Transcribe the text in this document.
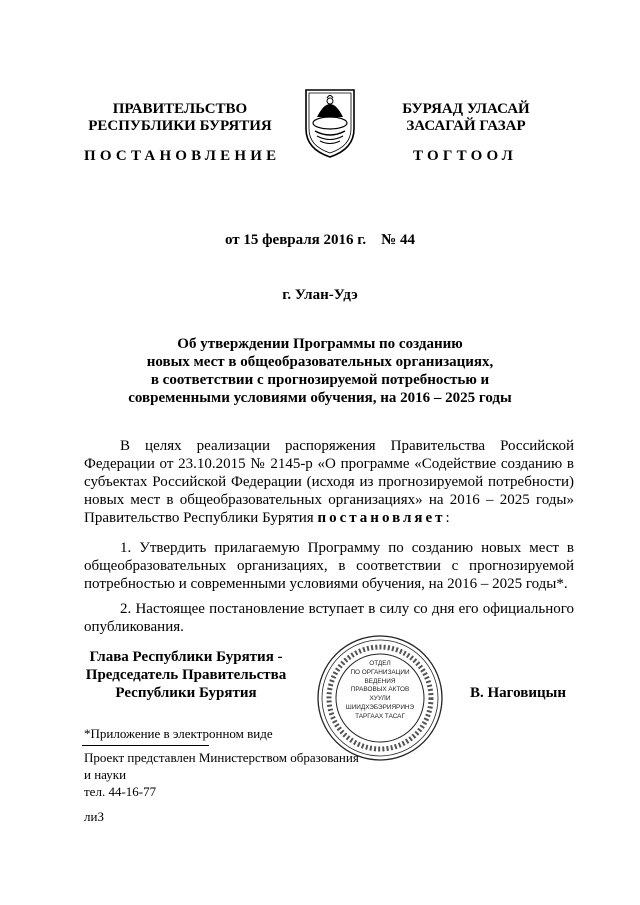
ПРАВИТЕЛЬСТВО
РЕСПУБЛИКИ БУРЯТИЯ
ПОСТАНОВЛЕНИЕ
БУРЯАД УЛАСАЙ
ЗАСАГАЙ ГАЗАР
ТОГТООЛ
от 15 февраля 2016 г.    № 44
г. Улан-Удэ
Об утверждении Программы по созданию
новых мест в общеобразовательных организациях,
в соответствии с прогнозируемой потребностью и
современными условиями обучения, на 2016 – 2025 годы
В целях реализации распоряжения Правительства Российской Федерации от 23.10.2015 № 2145-р «О программе «Содействие созданию в субъектах Российской Федерации (исходя из прогнозируемой потребности) новых мест в общеобразовательных организациях» на 2016 – 2025 годы» Правительство Республики Бурятия постановляет:
1. Утвердить прилагаемую Программу по созданию новых мест в общеобразовательных организациях, в соответствии с прогнозируемой потребностью и современными условиями обучения, на 2016 – 2025 годы*.
2. Настоящее постановление вступает в силу со дня его официального опубликования.
Глава Республики Бурятия -
Председатель Правительства
Республики Бурятия	В. Наговицын
ОТДЕЛ
ПО ОРГАНИЗАЦИИ
ВЕДЕНИЯ
ПРАВОВЫХ АКТОВ
ХУУЛИ
ШИИДХЭБЭРИЯРИНЭ
ТАРГААХ ТАСАГ
*Приложение в электронном виде
Проект представлен Министерством образования
и науки
тел. 44-16-77
лиЗ
